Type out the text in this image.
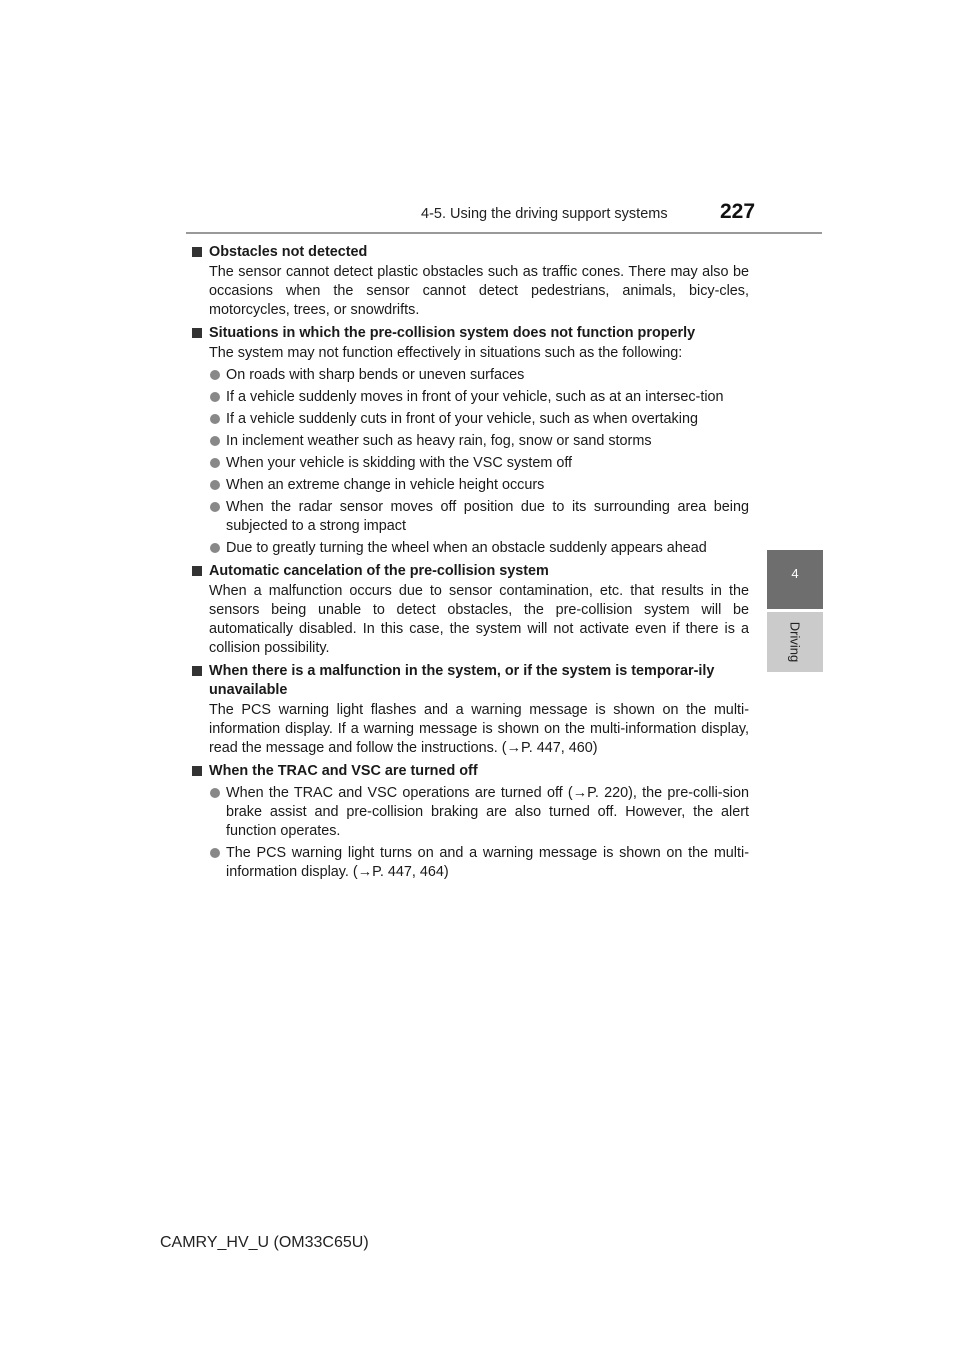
4-5. Using the driving support systems 227
4
Driving
Obstacles not detected
The sensor cannot detect plastic obstacles such as traffic cones. There may also be occasions when the sensor cannot detect pedestrians, animals, bicy-cles, motorcycles, trees, or snowdrifts.
Situations in which the pre-collision system does not function properly
The system may not function effectively in situations such as the following:
On roads with sharp bends or uneven surfaces
If a vehicle suddenly moves in front of your vehicle, such as at an intersec-tion
If a vehicle suddenly cuts in front of your vehicle, such as when overtaking
In inclement weather such as heavy rain, fog, snow or sand storms
When your vehicle is skidding with the VSC system off
When an extreme change in vehicle height occurs
When the radar sensor moves off position due to its surrounding area being subjected to a strong impact
Due to greatly turning the wheel when an obstacle suddenly appears ahead
Automatic cancelation of the pre-collision system
When a malfunction occurs due to sensor contamination, etc. that results in the sensors being unable to detect obstacles, the pre-collision system will be automatically disabled. In this case, the system will not activate even if there is a collision possibility.
When there is a malfunction in the system, or if the system is temporar-ily unavailable
The PCS warning light flashes and a warning message is shown on the multi-information display. If a warning message is shown on the multi-information display, read the message and follow the instructions. (→P. 447, 460)
When the TRAC and VSC are turned off
When the TRAC and VSC operations are turned off (→P. 220), the pre-colli-sion brake assist and pre-collision braking are also turned off. However, the alert function operates.
The PCS warning light turns on and a warning message is shown on the multi-information display. (→P. 447, 464)
CAMRY_HV_U (OM33C65U)
